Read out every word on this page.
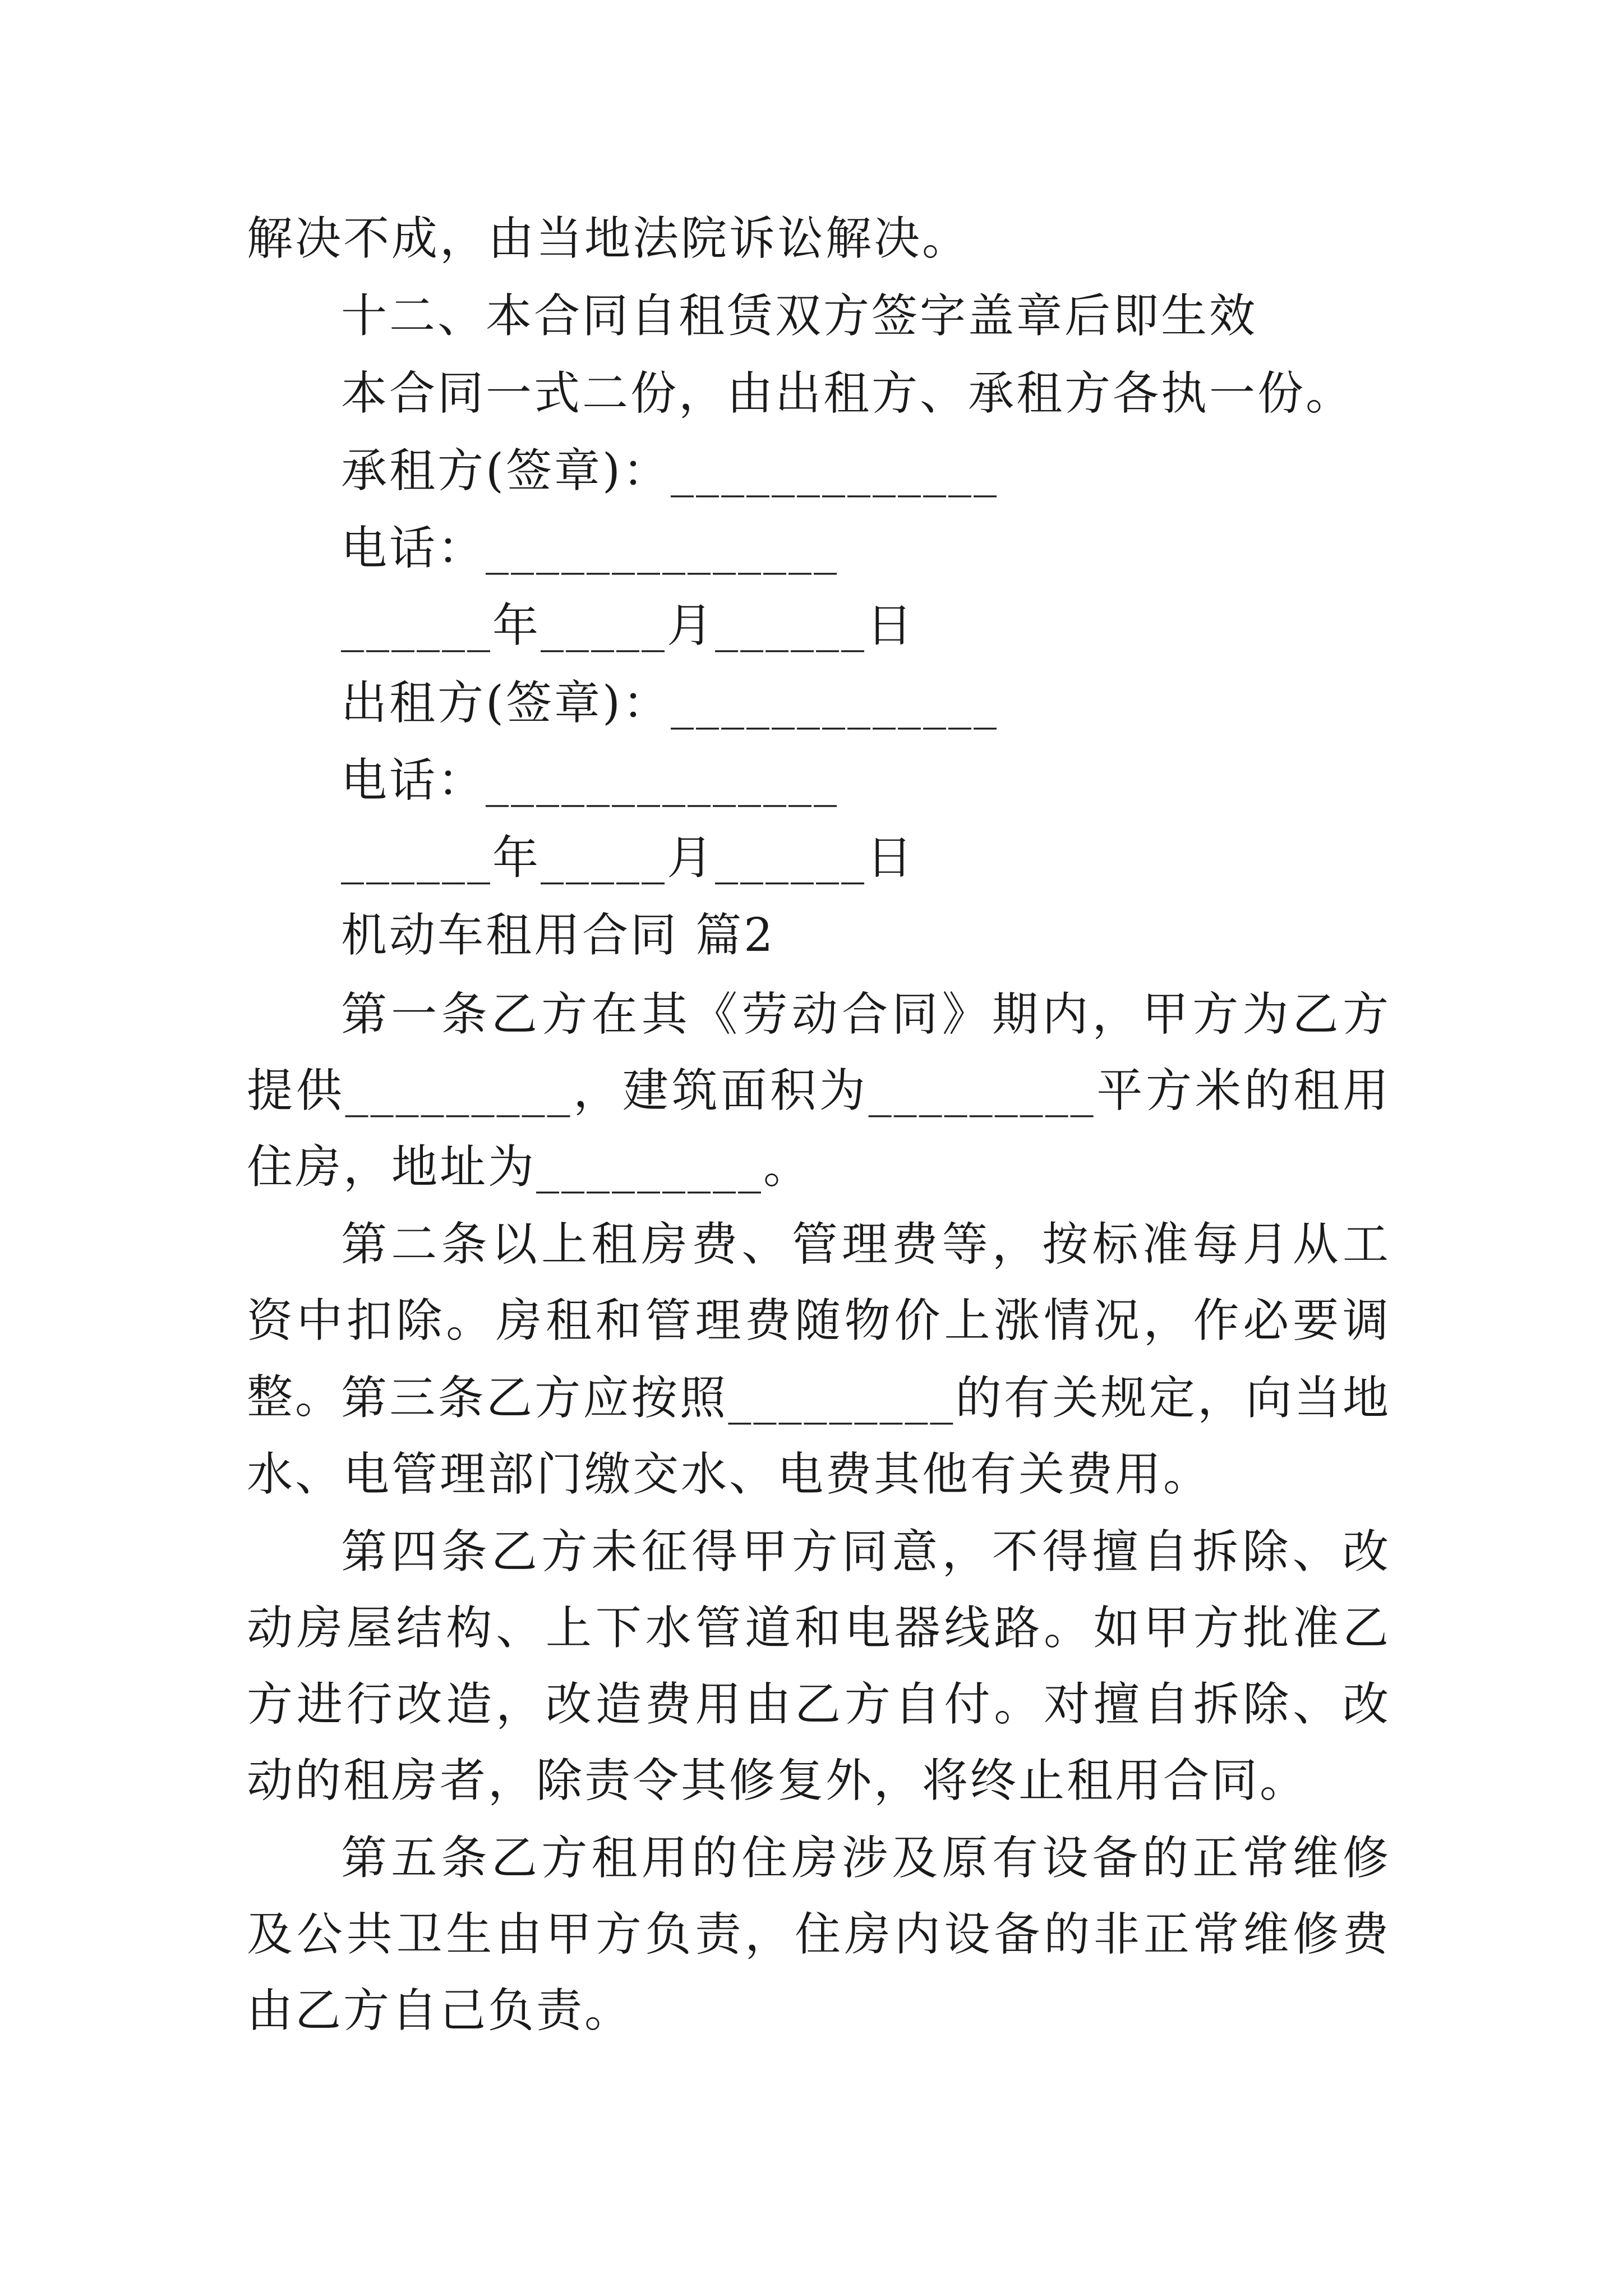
解决不成，由当地法院诉讼解决。
十二、本合同自租赁双方签字盖章后即生效
本合同一式二份，由出租方、承租方各执一份。
承租方(签章)：_____________
电话：______________
______年_____月______日
出租方(签章)：_____________
电话：______________
______年_____月______日
机动车租用合同 篇2
第一条乙方在其《劳动合同》期内，甲方为乙方提供_________，建筑面积为_________平方米的租用住房，地址为_________。
第二条以上租房费、管理费等，按标准每月从工资中扣除。房租和管理费随物价上涨情况，作必要调整。
第三条乙方应按照_________的有关规定，向当地水、电管理部门缴交水、电费其他有关费用。
第四条乙方未征得甲方同意，不得擅自拆除、改动房屋结构、上下水管道和电器线路。如甲方批准乙方进行改造，改造费用由乙方自付。对擅自拆除、改动的租房者，除责令其修复外，将终止租用合同。
第五条乙方租用的住房涉及原有设备的正常维修及公共卫生由甲方负责，住房内设备的非正常维修费由乙方自己负责。
